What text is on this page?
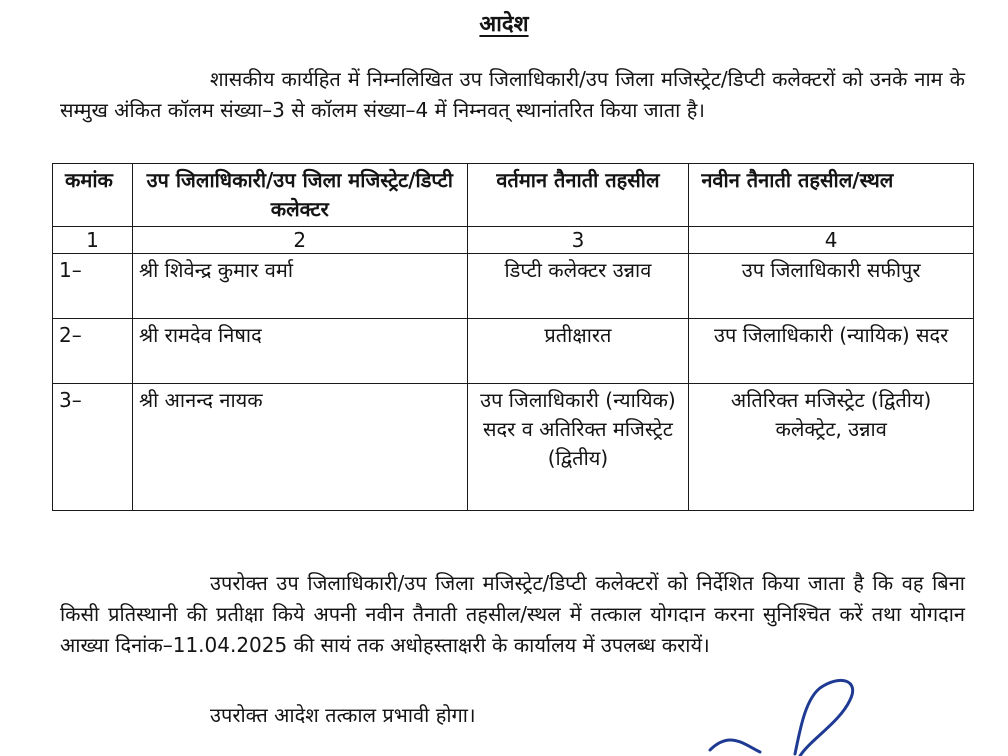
आदेश
शासकीय कार्यहित में निम्नलिखित उप जिलाधिकारी/उप जिला मजिस्ट्रेट/डिप्टी कलेक्टरों को उनके नाम के सम्मुख अंकित कॉलम संख्या–3 से कॉलम संख्या–4 में निम्नवत् स्थानांतरित किया जाता है।
कमांक	उप जिलाधिकारी/उप जिला मजिस्ट्रेट/डिप्टी कलेक्टर	वर्तमान तैनाती तहसील	नवीन तैनाती तहसील/स्थल
1	2	3	4
1–	श्री शिवेन्द्र कुमार वर्मा	डिप्टी कलेक्टर उन्नाव	उप जिलाधिकारी सफीपुर
2–	श्री रामदेव निषाद	प्रतीक्षारत	उप जिलाधिकारी (न्यायिक) सदर
3–	श्री आनन्द नायक	उप जिलाधिकारी (न्यायिक) सदर व अतिरिक्त मजिस्ट्रेट (द्वितीय)	अतिरिक्त मजिस्ट्रेट (द्वितीय) कलेक्ट्रेट, उन्नाव
उपरोक्त उप जिलाधिकारी/उप जिला मजिस्ट्रेट/डिप्टी कलेक्टरों को निर्देशित किया जाता है कि वह बिना किसी प्रतिस्थानी की प्रतीक्षा किये अपनी नवीन तैनाती तहसील/स्थल में तत्काल योगदान करना सुनिश्चित करें तथा योगदान आख्या दिनांक–11.04.2025 की सायं तक अधोहस्ताक्षरी के कार्यालय में उपलब्ध करायें।
उपरोक्त आदेश तत्काल प्रभावी होगा।
